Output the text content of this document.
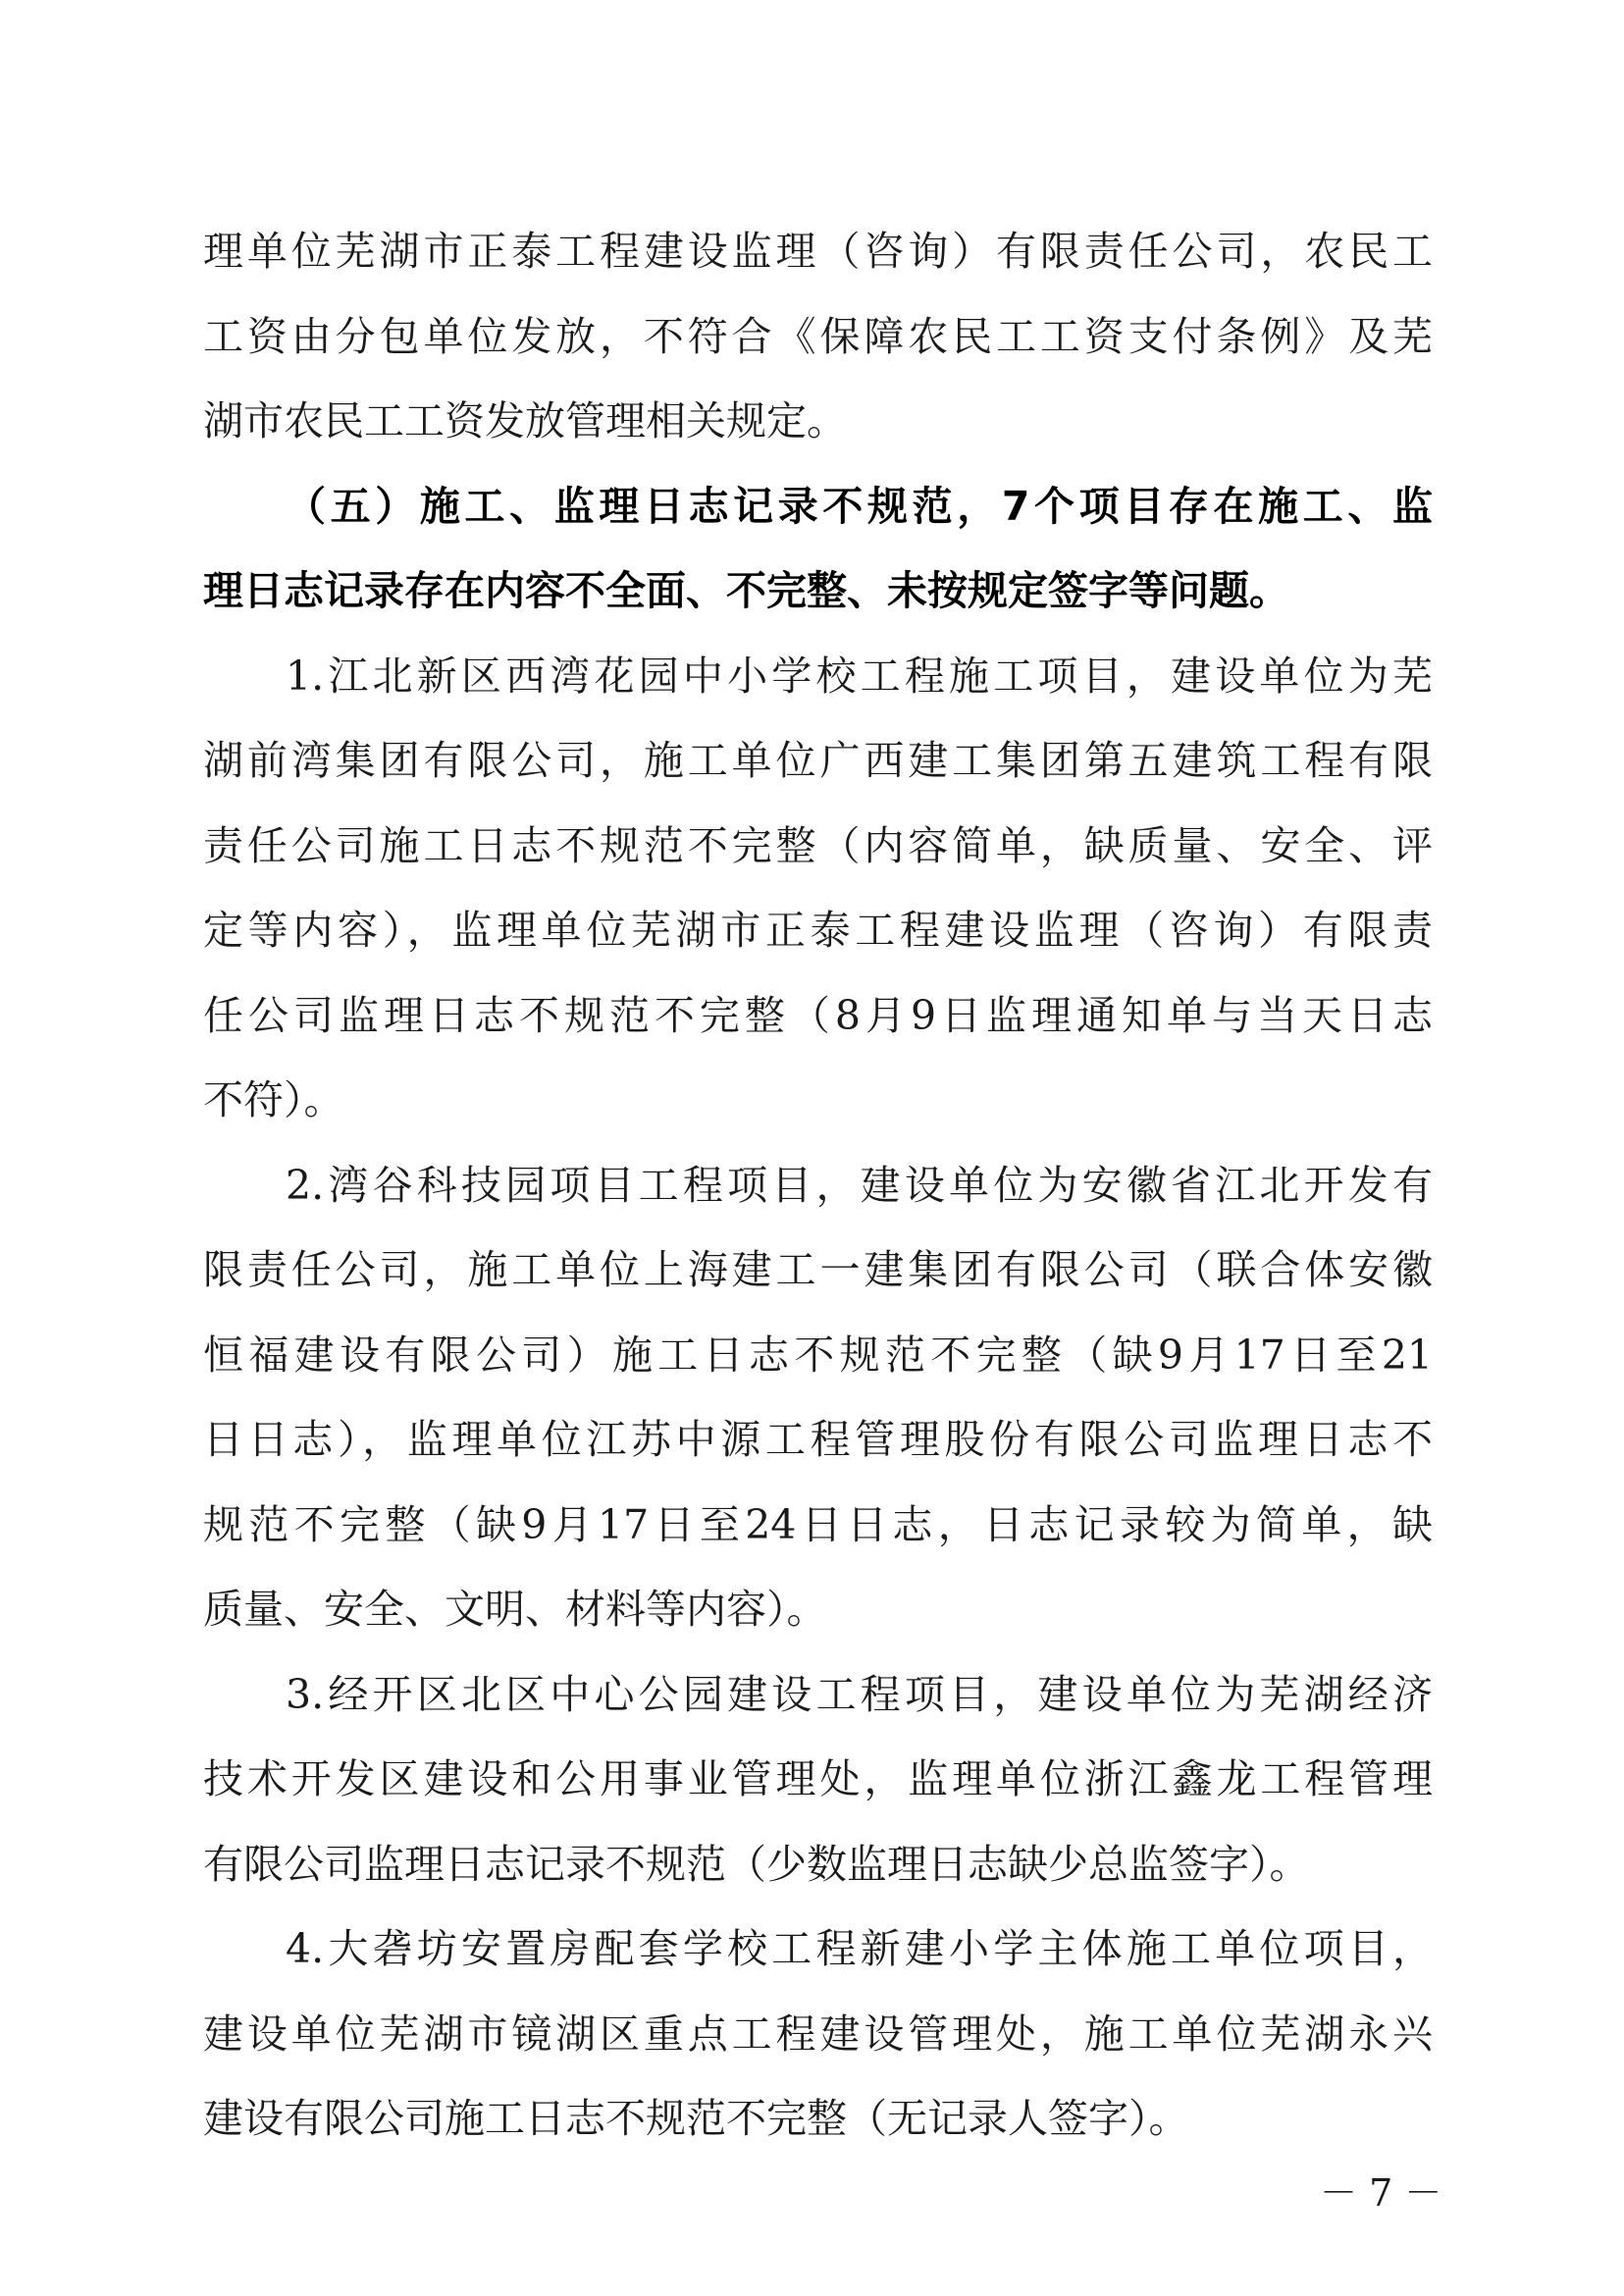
理单位芜湖市正泰工程建设监理（咨询）有限责任公司，农民工
工资由分包单位发放，不符合《保障农民工工资支付条例》及芜
湖市农民工工资发放管理相关规定。
（五）施工、监理日志记录不规范，7个项目存在施工、监
理日志记录存在内容不全面、不完整、未按规定签字等问题。
1.江北新区西湾花园中小学校工程施工项目，建设单位为芜
湖前湾集团有限公司，施工单位广西建工集团第五建筑工程有限
责任公司施工日志不规范不完整（内容简单，缺质量、安全、评
定等内容），监理单位芜湖市正泰工程建设监理（咨询）有限责
任公司监理日志不规范不完整（8月9日监理通知单与当天日志
不符）。
2.湾谷科技园项目工程项目，建设单位为安徽省江北开发有
限责任公司，施工单位上海建工一建集团有限公司（联合体安徽
恒福建设有限公司）施工日志不规范不完整（缺9月17日至21
日日志），监理单位江苏中源工程管理股份有限公司监理日志不
规范不完整（缺9月17日至24日日志，日志记录较为简单，缺
质量、安全、文明、材料等内容）。
3.经开区北区中心公园建设工程项目，建设单位为芜湖经济
技术开发区建设和公用事业管理处，监理单位浙江鑫龙工程管理
有限公司监理日志记录不规范（少数监理日志缺少总监签字）。
4.大砻坊安置房配套学校工程新建小学主体施工单位项目，
建设单位芜湖市镜湖区重点工程建设管理处，施工单位芜湖永兴
建设有限公司施工日志不规范不完整（无记录人签字）。
－ 7 －
